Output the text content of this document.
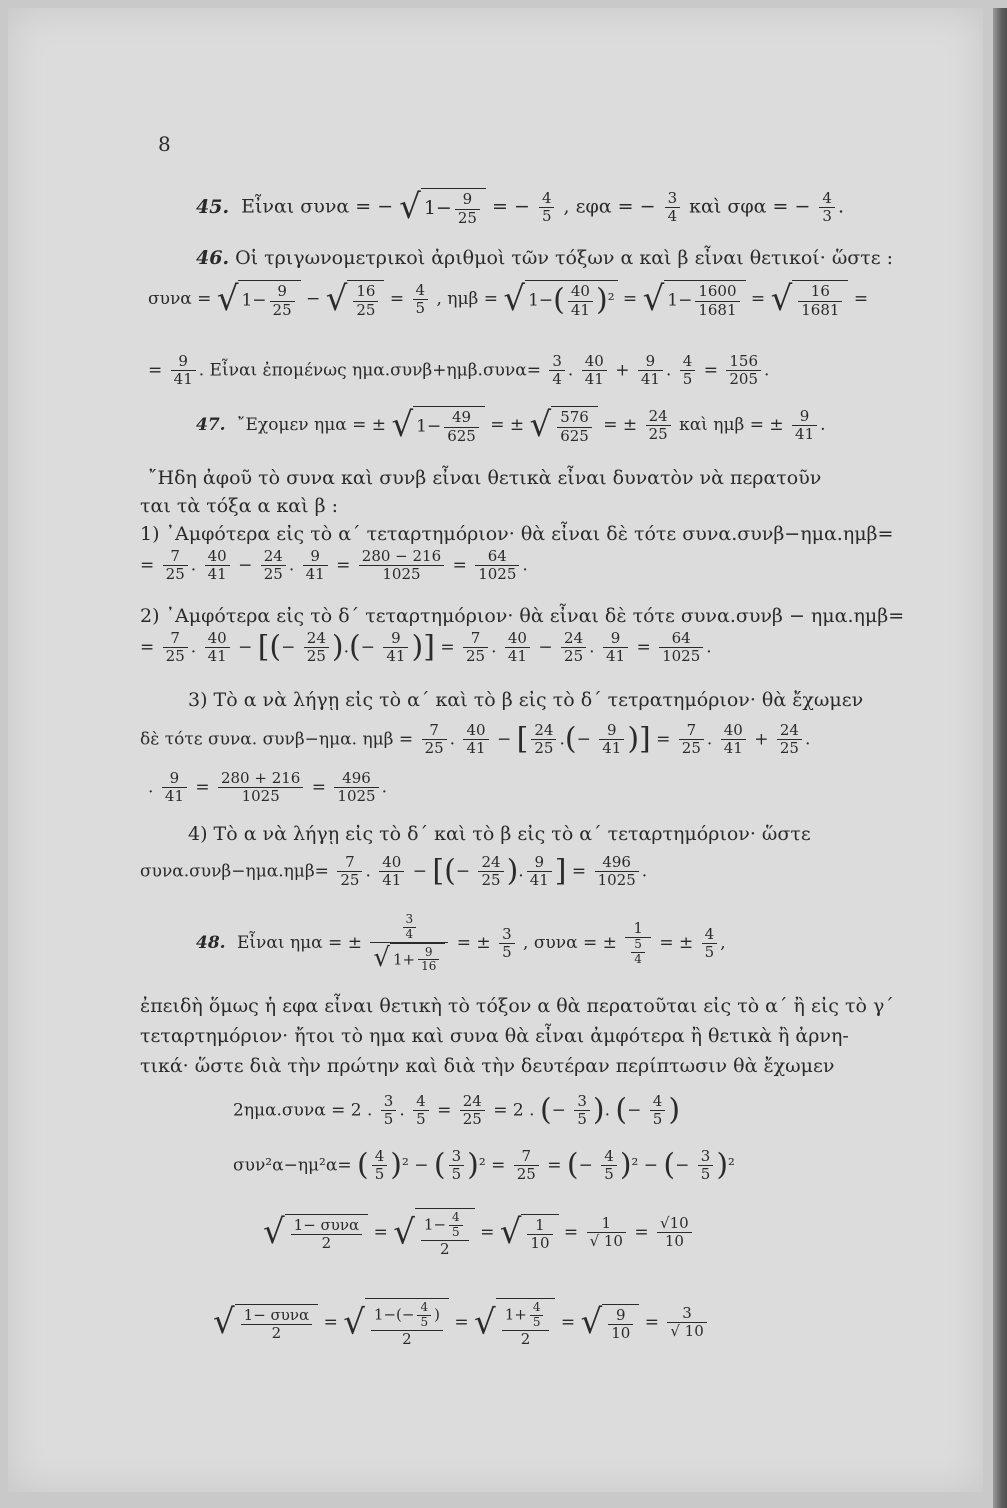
8
45. Εἶναι συνα = − √ $1- \frac{9}{25}$ = − $\frac{4}{5}$ , εφα = − $\frac{3}{4}$ καὶ σφα = − $\frac{4}{3}$ .
46. Οἱ τριγωνομετρικοὶ ἀριθμοὶ τῶν τόξων α καὶ β εἶναι θετικοί· ὥστε :
συνα = √ $1- \frac{9}{25}$ − √ $\frac{16}{25} = \frac{4}{5}$ , ημβ = √ $1-( \frac{40}{41} )^2$ = √ $1- \frac{1600}{1681}$ = √ $\frac{16}{1681}$ =
= $\frac{9}{41}$ . Εἶναι ἐπομένως $\eta\mu\alpha.\sigma\upsilon\nu\beta+\eta\mu\beta.\sigma\upsilon\nu\alpha= \frac{3}{4}$ . $\frac{40}{41} + \frac{9}{41}$ . $\frac{4}{5} = \frac{156}{205}$ .
47. ῎Εχομεν ημα = ± √ $1- \frac{49}{625}$ = ± √ $\frac{576}{625}$ = ± $\frac{24}{25}$ καὶ ημβ = ± $\frac{9}{41}$ .
῎Ηδη ἀφοῦ τὸ συνα καὶ συνβ εἶναι θετικὰ εἶναι δυνατὸν νὰ περατοῦν
ται τὰ τόξα α καὶ β :
1) ᾿Αμφότερα εἰς τὸ α΄ τεταρτημόριον· θὰ εἶναι δὲ τότε συνα.συνβ−ημα.ημβ=
= $\frac{7}{25}$ . $\frac{40}{41} - \frac{24}{25}$ . $\frac{9}{41} = \frac{280 - 216}{1025} = \frac{64}{1025}$ .
2) ᾿Αμφότερα εἰς τὸ δ΄ τεταρτημόριον· θὰ εἶναι δὲ τότε συνα.συνβ − ημα.ημβ=
= $\frac{7}{25}$ . $\frac{40}{41}$ − [(− $\frac{24}{25}$ ).(− $\frac{9}{41}$ )] = $\frac{7}{25}$ . $\frac{40}{41} - \frac{24}{25}$ . $\frac{9}{41} = \frac{64}{1025}$ .
3) Τὸ α νὰ λήγῃ εἰς τὸ α΄ καὶ τὸ β εἰς τὸ δ΄ τετρατημόριον· θὰ ἔχωμεν
δὲ τότε συνα. συνβ−ημα. $\eta\mu\beta = \frac{7}{25}$ . $\frac{40}{41}$ − [ $\frac{24}{25}$ .(− $\frac{9}{41}$ )] = $\frac{7}{25}$ . $\frac{40}{41} + \frac{24}{25}$ .
. $\frac{9}{41} = \frac{280 + 216}{1025} = \frac{496}{1025}$ .
4) Τὸ α νὰ λήγῃ εἰς τὸ δ΄ καὶ τὸ β εἰς τὸ α΄ τεταρτημόριον· ὥστε
$\sigma\upsilon\nu\alpha.\sigma\upsilon\nu\beta-\eta\mu\alpha.\eta\mu\beta= \frac{7}{25}$ . $\frac{40}{41}$ − [(− $\frac{24}{25}$ ). $\frac{9}{41}$ ] = $\frac{496}{1025}$ .
48. Εἶναι ημα = ± $\frac{\frac{3}{4}}{√ 1+ \frac{9}{16}}$ = ± $\frac{3}{5}$ , συνα = ± $\frac{1}{\frac{5}{4}}$ = ± $\frac{4}{5}$ ,
ἐπειδὴ ὅμως ἡ εφα εἶναι θετικὴ τὸ τόξον α θὰ περατοῦται εἰς τὸ α΄ ἢ εἰς τὸ γ΄
τεταρτημόριον· ἤτοι τὸ ημα καὶ συνα θὰ εἶναι ἀμφότερα ἢ θετικὰ ἢ ἀρνη-
τικά· ὥστε διὰ τὴν πρώτην καὶ διὰ τὴν δευτέραν περίπτωσιν θὰ ἔχωμεν
2ημα.συνα = 2 . $\frac{3}{5}$ . $\frac{4}{5} = \frac{24}{25} = 2$ . (− $\frac{3}{5}$ ). (− $\frac{4}{5}$ )
συν²α−ημ²α= ( $\frac{4}{5} )^2$ − ( $\frac{3}{5} )^2 = \frac{7}{25}$ = (− $\frac{4}{5} )^2$ − (− $\frac{3}{5} )^2$
√ $\frac{\text{1− συνα}}{2}$ = √ $\frac{1- \frac{4}{5}}{2}$ = √ $\frac{1}{10} = \frac{1}{√ 10} = \frac{√10}{10}$
√ $\frac{\text{1− συνα}}{2}$ = √ $\frac{1-(- \frac{4}{5} )}{2}$ = √ $\frac{1+ \frac{4}{5}}{2}$ = √ $\frac{9}{10} = \frac{3}{√ 10}$
